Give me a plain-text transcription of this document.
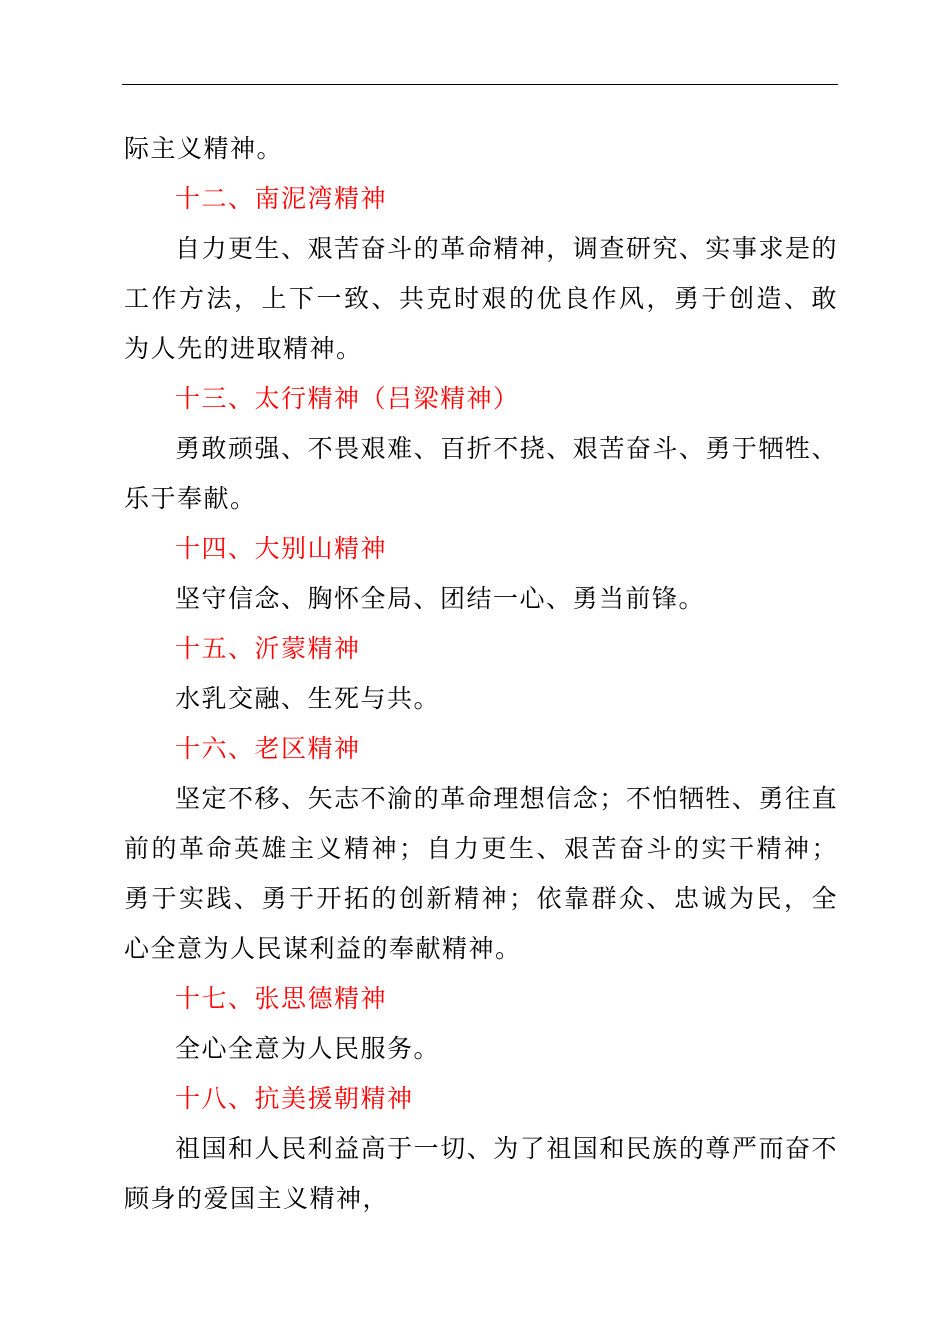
际主义精神。

十二、南泥湾精神

自力更生、艰苦奋斗的革命精神，调查研究、实事求是的工作方法，上下一致、共克时艰的优良作风，勇于创造、敢为人先的进取精神。

十三、太行精神（吕梁精神）

勇敢顽强、不畏艰难、百折不挠、艰苦奋斗、勇于牺牲、乐于奉献。

十四、大别山精神

坚守信念、胸怀全局、团结一心、勇当前锋。

十五、沂蒙精神

水乳交融、生死与共。

十六、老区精神

坚定不移、矢志不渝的革命理想信念；不怕牺牲、勇往直前的革命英雄主义精神；自力更生、艰苦奋斗的实干精神；勇于实践、勇于开拓的创新精神；依靠群众、忠诚为民，全心全意为人民谋利益的奉献精神。

十七、张思德精神

全心全意为人民服务。

十八、抗美援朝精神

祖国和人民利益高于一切、为了祖国和民族的尊严而奋不顾身的爱国主义精神，
